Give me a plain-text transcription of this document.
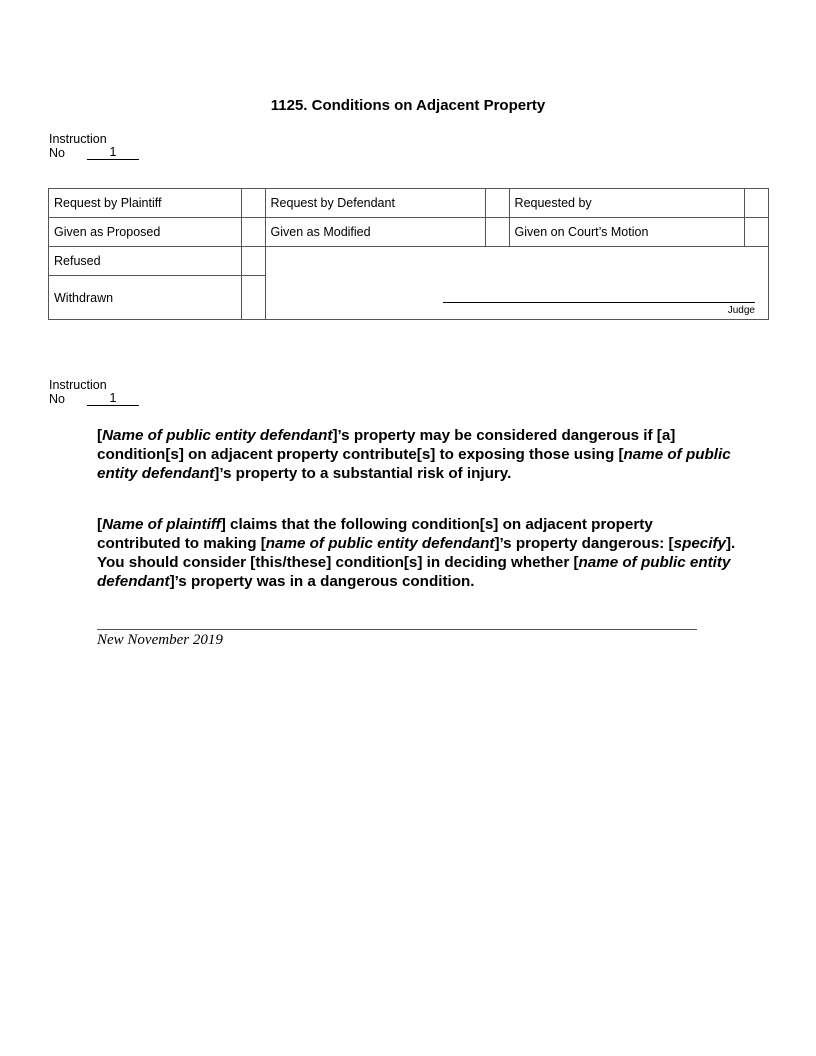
1125. Conditions on Adjacent Property
Instruction
No	1
Request by Plaintiff		Request by Defendant		Requested by	
Given as Proposed		Given as Modified		Given on Court’s Motion	
Refused		Judge			

Withdrawn					
Instruction
No	1
[Name of public entity defendant]’s property may be considered dangerous if [a] condition[s] on adjacent property contribute[s] to exposing those using [name of public entity defendant]’s property to a substantial risk of injury.
[Name of plaintiff] claims that the following condition[s] on adjacent property contributed to making [name of public entity defendant]’s property dangerous: [specify]. You should consider [this/these] condition[s] in deciding whether [name of public entity defendant]’s property was in a dangerous condition.
New November 2019
